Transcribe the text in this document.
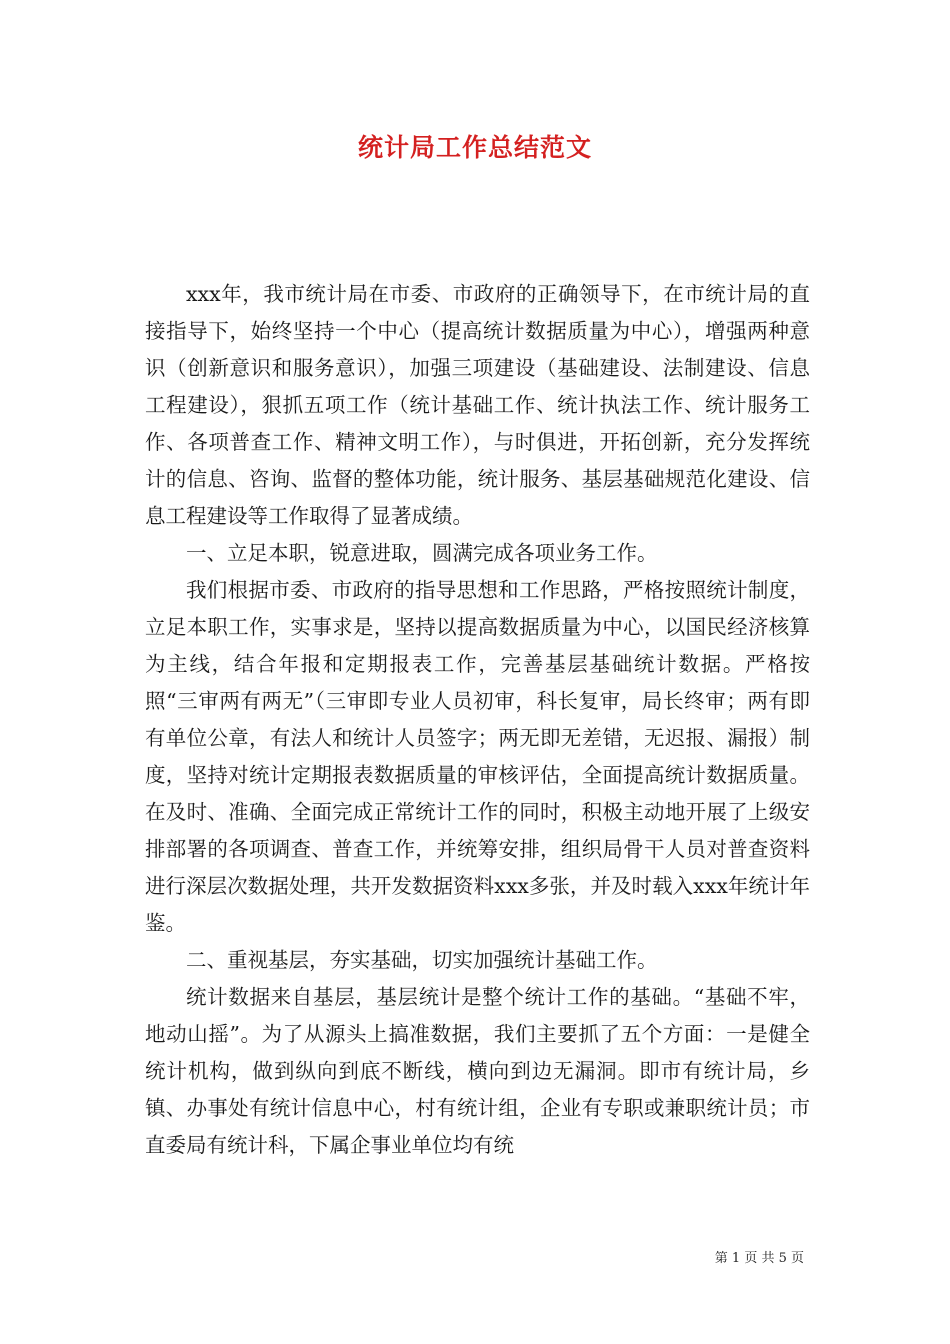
统计局工作总结范文

xxx年，我市统计局在市委、市政府的正确领导下，在市统计局的直接指导下，始终坚持一个中心（提高统计数据质量为中心），增强两种意识（创新意识和服务意识），加强三项建设（基础建设、法制建设、信息工程建设），狠抓五项工作（统计基础工作、统计执法工作、统计服务工作、各项普查工作、精神文明工作），与时俱进，开拓创新，充分发挥统计的信息、咨询、监督的整体功能，统计服务、基层基础规范化建设、信息工程建设等工作取得了显著成绩。

一、立足本职，锐意进取，圆满完成各项业务工作。

我们根据市委、市政府的指导思想和工作思路，严格按照统计制度，立足本职工作，实事求是，坚持以提高数据质量为中心，以国民经济核算为主线，结合年报和定期报表工作，完善基层基础统计数据。严格按照“三审两有两无”（三审即专业人员初审，科长复审，局长终审；两有即有单位公章，有法人和统计人员签字；两无即无差错，无迟报、漏报）制度，坚持对统计定期报表数据质量的审核评估，全面提高统计数据质量。在及时、准确、全面完成正常统计工作的同时，积极主动地开展了上级安排部署的各项调查、普查工作，并统筹安排，组织局骨干人员对普查资料进行深层次数据处理，共开发数据资料xxx多张，并及时载入xxx年统计年鉴。

二、重视基层，夯实基础，切实加强统计基础工作。

统计数据来自基层，基层统计是整个统计工作的基础。“基础不牢，地动山摇”。为了从源头上搞准数据，我们主要抓了五个方面：一是健全统计机构，做到纵向到底不断线，横向到边无漏洞。即市有统计局，乡镇、办事处有统计信息中心，村有统计组，企业有专职或兼职统计员；市直委局有统计科，下属企事业单位均有统

第 1 页 共 5 页
